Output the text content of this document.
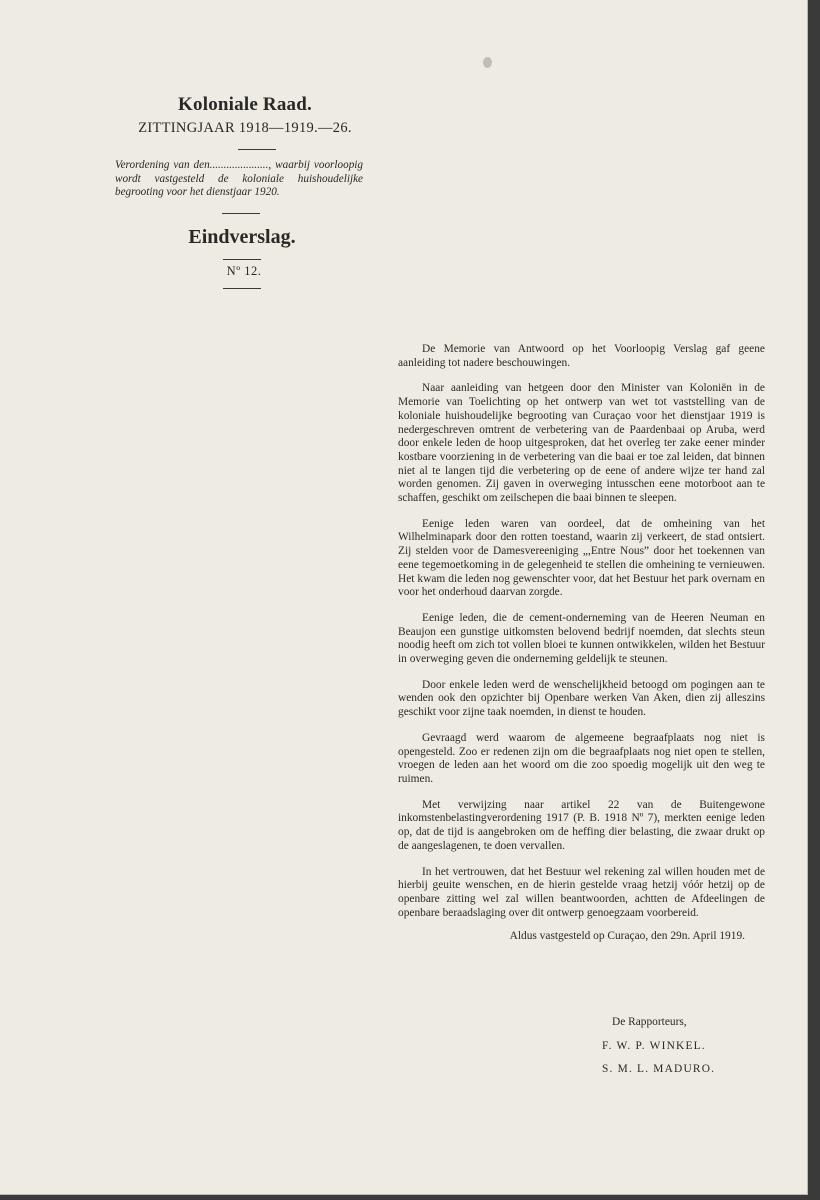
Koloniale Raad.
ZITTINGJAAR 1918—1919.—26.
Verordening van den....................., waarbij voorloopig wordt vastgesteld de koloniale huishoudelijke begrooting voor het dienstjaar 1920.
Eindverslag.
Nº 12.

De Memorie van Antwoord op het Voorloopig Verslag gaf geene aanleiding tot nadere beschouwingen.

Naar aanleiding van hetgeen door den Minister van Koloniën in de Memorie van Toelichting op het ontwerp van wet tot vaststelling van de koloniale huishoudelijke begrooting van Curaçao voor het dienstjaar 1919 is nedergeschreven omtrent de verbetering van de Paardenbaai op Aruba, werd door enkele leden de hoop uitgesproken, dat het overleg ter zake eener minder kostbare voorziening in de verbetering van die baai er toe zal leiden, dat binnen niet al te langen tijd die verbetering op de eene of andere wijze ter hand zal worden genomen. Zij gaven in overweging intusschen eene motorboot aan te schaffen, geschikt om zeilschepen die baai binnen te sleepen.

Eenige leden waren van oordeel, dat de omheining van het Wilhelminapark door den rotten toestand, waarin zij verkeert, de stad ontsiert. Zij stelden voor de Damesvereeniging „,Entre Nous” door het toekennen van eene tegemoetkoming in de gelegenheid te stellen die omheining te vernieuwen. Het kwam die leden nog gewenschter voor, dat het Bestuur het park overnam en voor het onderhoud daarvan zorgde.

Eenige leden, die de cement-onderneming van de Heeren Neuman en Beaujon een gunstige uitkomsten belovend bedrijf noemden, dat slechts steun noodig heeft om zich tot vollen bloei te kunnen ontwikkelen, wilden het Bestuur in overweging geven die onderneming geldelijk te steunen.

Door enkele leden werd de wenschelijkheid betoogd om pogingen aan te wenden ook den opzichter bij Openbare werken Van Aken, dien zij alleszins geschikt voor zijne taak noemden, in dienst te houden.

Gevraagd werd waarom de algemeene begraafplaats nog niet is opengesteld. Zoo er redenen zijn om die begraafplaats nog niet open te stellen, vroegen de leden aan het woord om die zoo spoedig mogelijk uit den weg te ruimen.

Met verwijzing naar artikel 22 van de Buitengewone inkomstenbelastingverordening 1917 (P. B. 1918 Nº 7), merkten eenige leden op, dat de tijd is aangebroken om de heffing dier belasting, die zwaar drukt op de aangeslagenen, te doen vervallen.

In het vertrouwen, dat het Bestuur wel rekening zal willen houden met de hierbij geuite wenschen, en de hierin gestelde vraag hetzij vóór hetzij op de openbare zitting wel zal willen beantwoorden, achtten de Afdeelingen de openbare beraadslaging over dit ontwerp genoegzaam voorbereid.

Aldus vastgesteld op Curaçao, den 29n. April 1919.
De Rapporteurs,
F. W. P. WINKEL.
S. M. L. MADURO.
